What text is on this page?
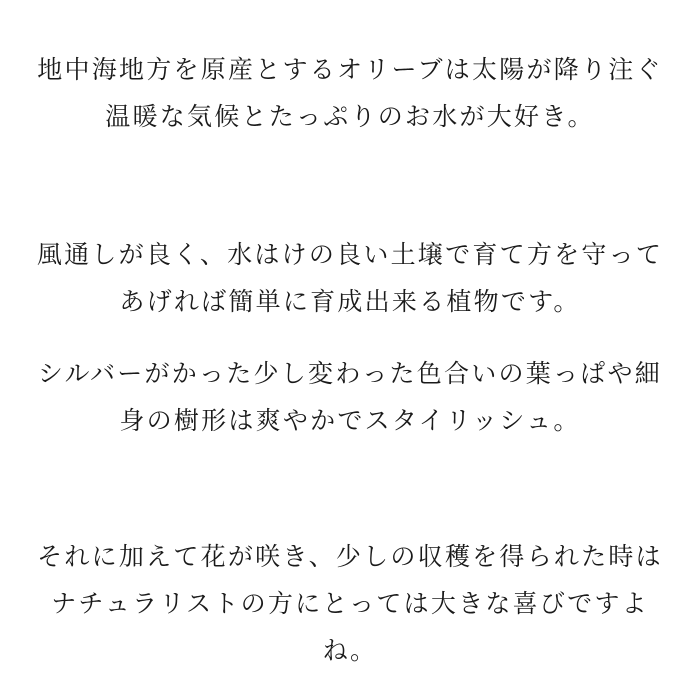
地中海地方を原産とするオリーブは太陽が降り注ぐ温暖な気候とたっぷりのお水が大好き。

風通しが良く、水はけの良い土壌で育て方を守ってあげれば簡単に育成出来る植物です。

シルバーがかった少し変わった色合いの葉っぱや細身の樹形は爽やかでスタイリッシュ。

それに加えて花が咲き、少しの収穫を得られた時はナチュラリストの方にとっては大きな喜びですよね。
